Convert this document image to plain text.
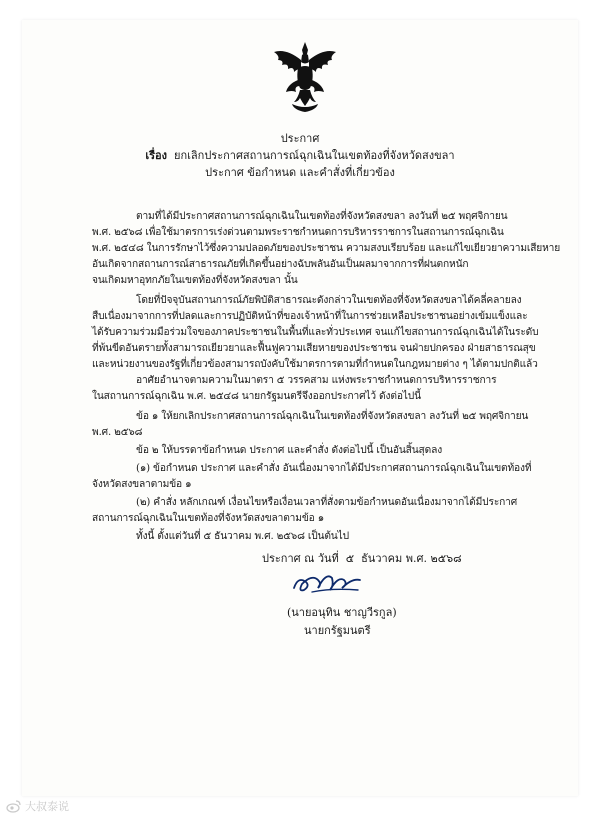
ประกาศ
เรื่อง ยกเลิกประกาศสถานการณ์ฉุกเฉินในเขตท้องที่จังหวัดสงขลา
ประกาศ ข้อกำหนด และคำสั่งที่เกี่ยวข้อง
ตามที่ได้มีประกาศสถานการณ์ฉุกเฉินในเขตท้องที่จังหวัดสงขลา ลงวันที่ ๒๕ พฤศจิกายน
พ.ศ. ๒๕๖๘ เพื่อใช้มาตรการเร่งด่วนตามพระราชกำหนดการบริหารราชการในสถานการณ์ฉุกเฉิน
พ.ศ. ๒๕๔๘ ในการรักษาไว้ซึ่งความปลอดภัยของประชาชน ความสงบเรียบร้อย และแก้ไขเยียวยาความเสียหาย
อันเกิดจากสถานการณ์สาธารณภัยที่เกิดขึ้นอย่างฉับพลันอันเป็นผลมาจากการที่ฝนตกหนัก
จนเกิดมหาอุทกภัยในเขตท้องที่จังหวัดสงขลา นั้น
โดยที่ปัจจุบันสถานการณ์ภัยพิบัติสาธารณะดังกล่าวในเขตท้องที่จังหวัดสงขลาได้คลี่คลายลง
สืบเนื่องมาจากการที่ปลดและการปฏิบัติหน้าที่ของเจ้าหน้าที่ในการช่วยเหลือประชาชนอย่างเข้มแข็งและ
ได้รับความร่วมมือร่วมใจของภาคประชาชนในพื้นที่และทั่วประเทศ จนแก้ไขสถานการณ์ฉุกเฉินได้ในระดับ
ที่พ้นขีดอันตรายทั้งสามารถเยียวยาและฟื้นฟูความเสียหายของประชาชน จนฝ่ายปกครอง ฝ่ายสาธารณสุข
และหน่วยงานของรัฐที่เกี่ยวข้องสามารถบังคับใช้มาตรการตามที่กำหนดในกฎหมายต่าง ๆ ได้ตามปกติแล้ว
อาศัยอำนาจตามความในมาตรา ๕ วรรคสาม แห่งพระราชกำหนดการบริหารราชการ
ในสถานการณ์ฉุกเฉิน พ.ศ. ๒๕๔๘ นายกรัฐมนตรีจึงออกประกาศไว้ ดังต่อไปนี้
ข้อ ๑ ให้ยกเลิกประกาศสถานการณ์ฉุกเฉินในเขตท้องที่จังหวัดสงขลา ลงวันที่ ๒๕ พฤศจิกายน
พ.ศ. ๒๕๖๘
ข้อ ๒ ให้บรรดาข้อกำหนด ประกาศ และคำสั่ง ดังต่อไปนี้ เป็นอันสิ้นสุดลง
(๑) ข้อกำหนด ประกาศ และคำสั่ง อันเนื่องมาจากได้มีประกาศสถานการณ์ฉุกเฉินในเขตท้องที่
จังหวัดสงขลาตามข้อ ๑
(๒) คำสั่ง หลักเกณฑ์ เงื่อนไขหรือเงื่อนเวลาที่สั่งตามข้อกำหนดอันเนื่องมาจากได้มีประกาศ
สถานการณ์ฉุกเฉินในเขตท้องที่จังหวัดสงขลาตามข้อ ๑
ทั้งนี้ ตั้งแต่วันที่ ๕ ธันวาคม พ.ศ. ๒๕๖๘ เป็นต้นไป
ประกาศ ณ วันที่ ๕ ธันวาคม พ.ศ. ๒๕๖๘
(นายอนุทิน ชาญวีรกูล)
นายกรัฐมนตรี
大叔泰说
